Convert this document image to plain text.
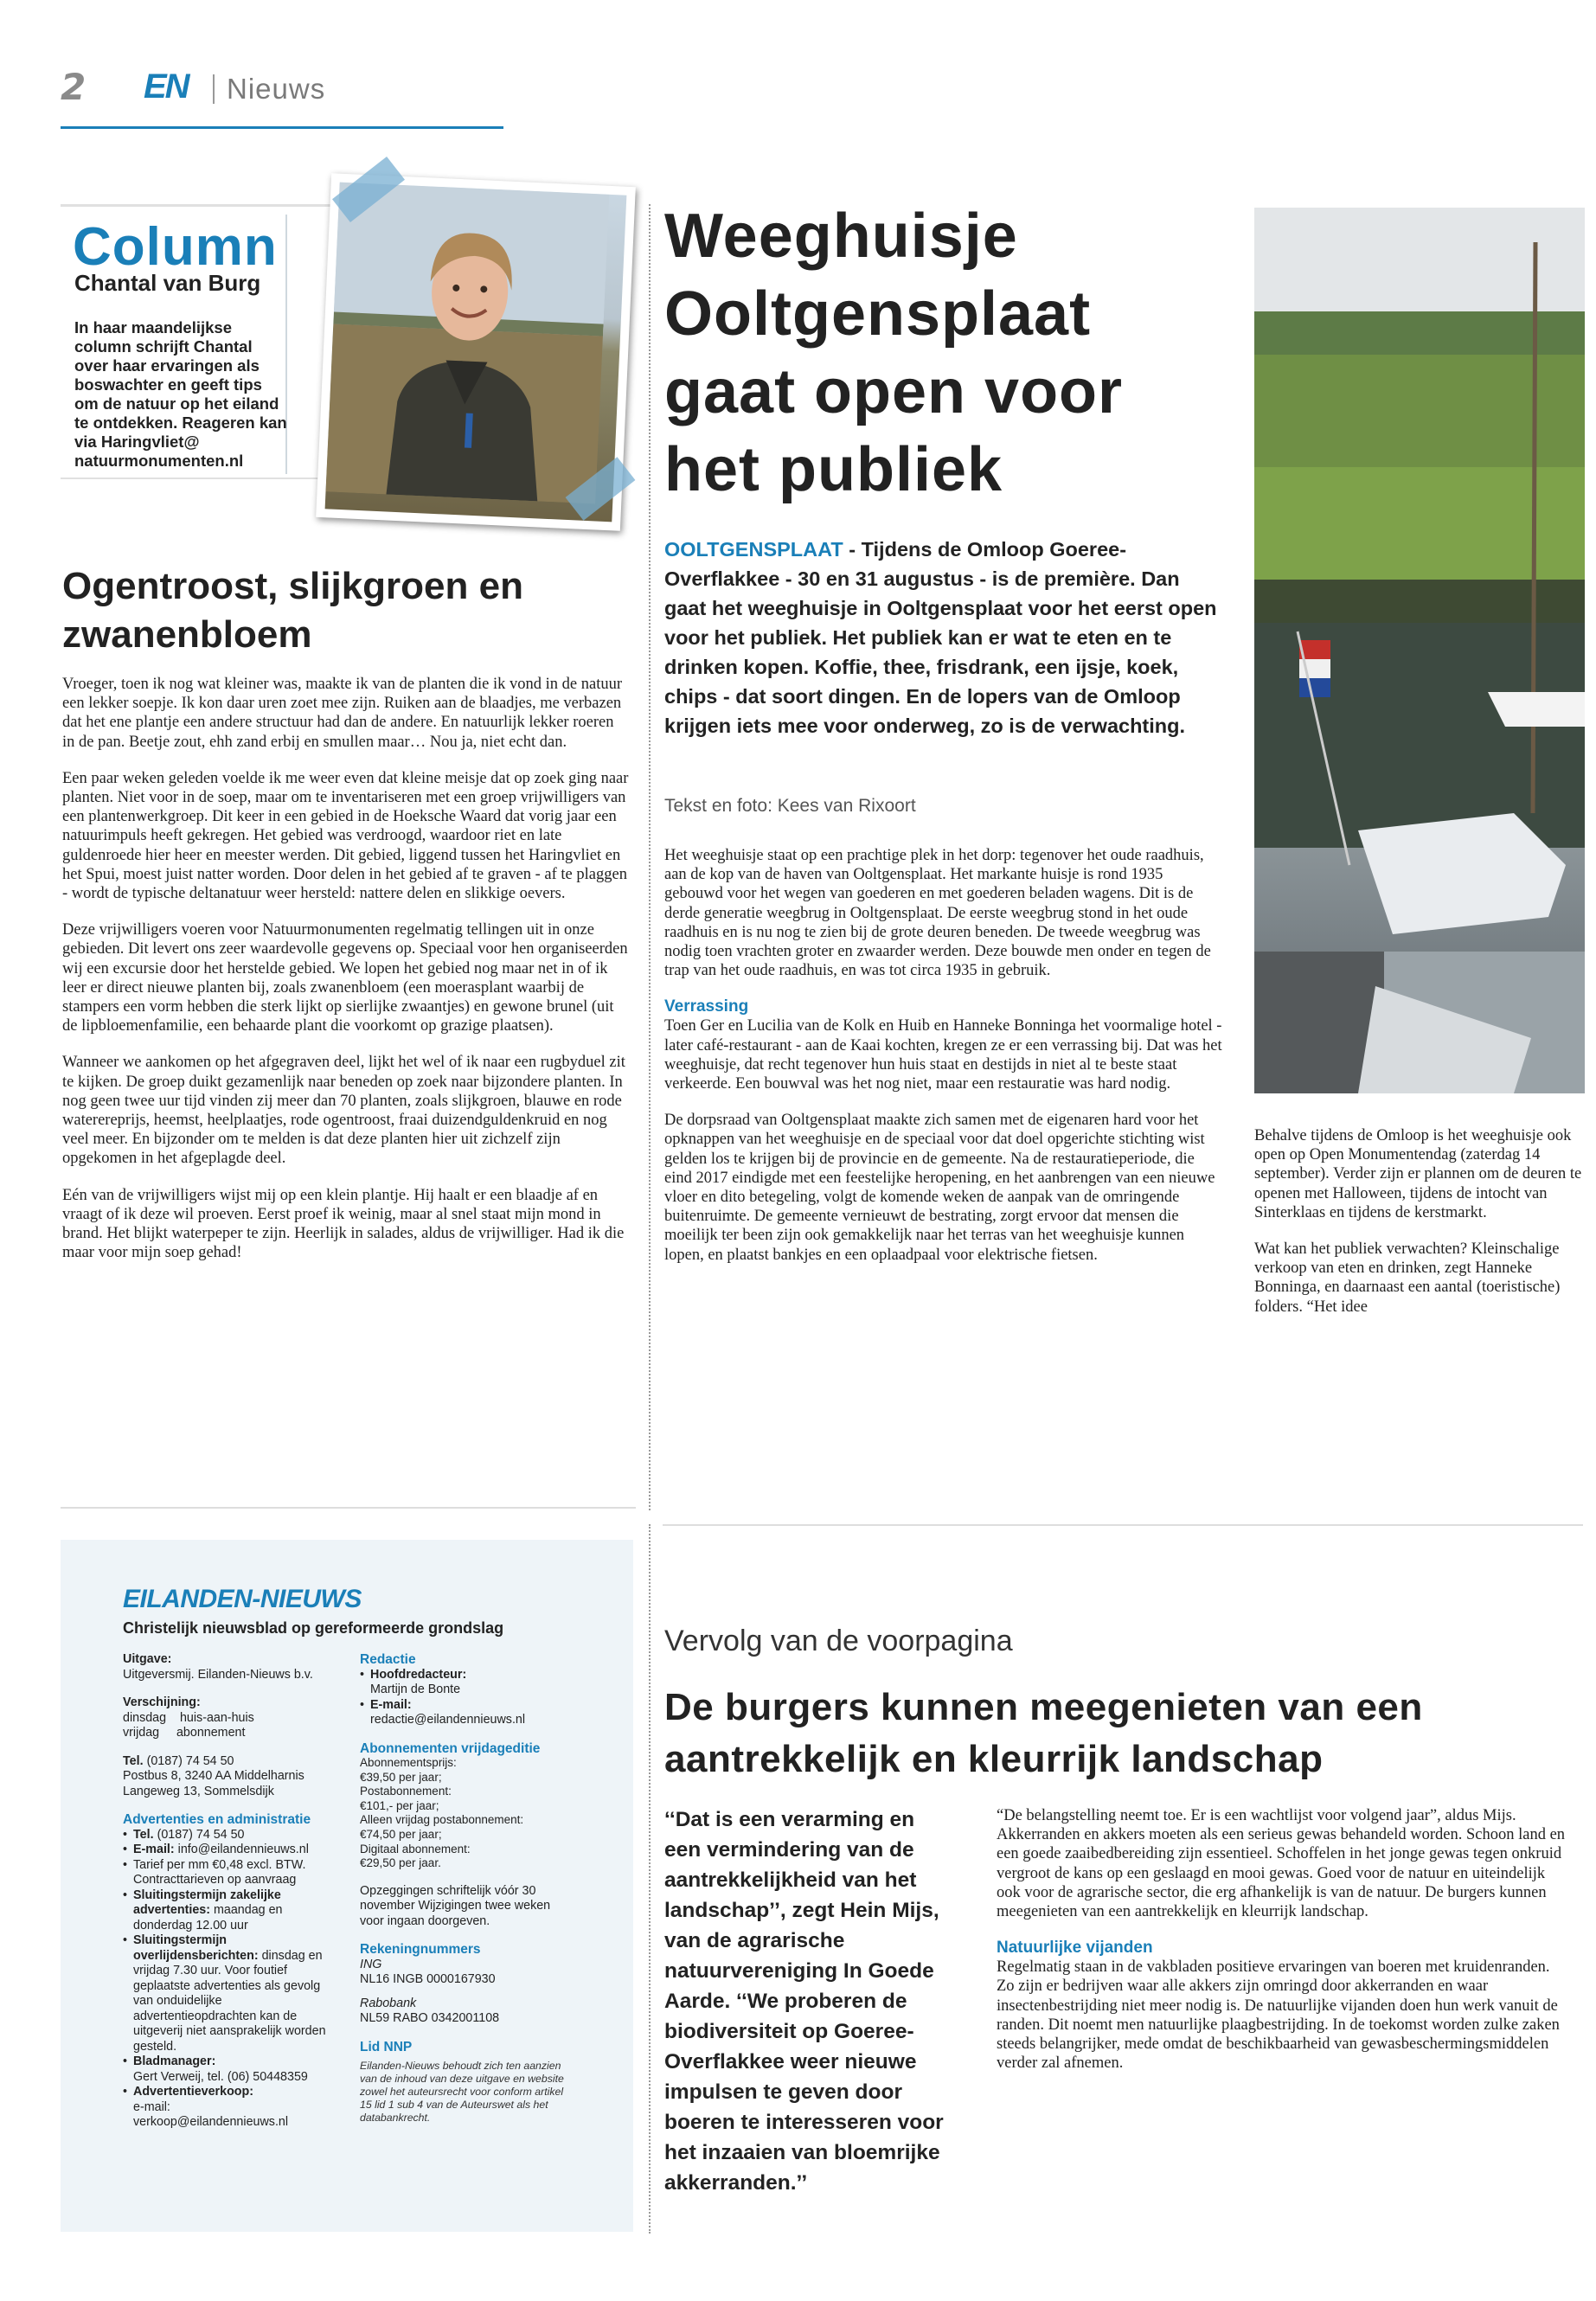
2 EN Nieuws
Column
Chantal van Burg
In haar maandelijkse column schrijft Chantal over haar ervaringen als boswachter en geeft tips om de natuur op het eiland te ontdekken. Reageren kan via Haringvliet@ natuurmonumenten.nl
Ogentroost, slijkgroen en zwanenbloem

Vroeger, toen ik nog wat kleiner was, maakte ik van de planten die ik vond in de natuur een lekker soepje. Ik kon daar uren zoet mee zijn. Ruiken aan de blaadjes, me verbazen dat het ene plantje een andere structuur had dan de andere. En natuurlijk lekker roeren in de pan. Beetje zout, ehh zand erbij en smullen maar… Nou ja, niet echt dan.

Een paar weken geleden voelde ik me weer even dat kleine meisje dat op zoek ging naar planten. Niet voor in de soep, maar om te inventariseren met een groep vrijwilligers van een plantenwerkgroep. Dit keer in een gebied in de Hoeksche Waard dat vorig jaar een natuurimpuls heeft gekregen. Het gebied was verdroogd, waardoor riet en late guldenroede hier heer en meester werden. Dit gebied, liggend tussen het Haringvliet en het Spui, moest juist natter worden. Door delen in het gebied af te graven - af te plaggen - wordt de typische deltanatuur weer hersteld: nattere delen en slikkige oevers.

Deze vrijwilligers voeren voor Natuurmonumenten regelmatig tellingen uit in onze gebieden. Dit levert ons zeer waardevolle gegevens op. Speciaal voor hen organiseerden wij een excursie door het herstelde gebied. We lopen het gebied nog maar net in of ik leer er direct nieuwe planten bij, zoals zwanenbloem (een moerasplant waarbij de stampers een vorm hebben die sterk lijkt op sierlijke zwaantjes) en gewone brunel (uit de lipbloemenfamilie, een behaarde plant die voorkomt op grazige plaatsen).

Wanneer we aankomen op het afgegraven deel, lijkt het wel of ik naar een rugbyduel zit te kijken. De groep duikt gezamenlijk naar beneden op zoek naar bijzondere planten. In nog geen twee uur tijd vinden zij meer dan 70 planten, zoals slijkgroen, blauwe en rode waterereprijs, heemst, heelplaatjes, rode ogentroost, fraai duizendguldenkruid en nog veel meer. En bijzonder om te melden is dat deze planten hier uit zichzelf zijn opgekomen in het afgeplagde deel.

Eén van de vrijwilligers wijst mij op een klein plantje. Hij haalt er een blaadje af en vraagt of ik deze wil proeven. Eerst proef ik weinig, maar al snel staat mijn mond in brand. Het blijkt waterpeper te zijn. Heerlijk in salades, aldus de vrijwilliger. Had ik die maar voor mijn soep gehad!

Weeghuisje Ooltgensplaat gaat open voor het publiek
OOLTGENSPLAAT - Tijdens de Omloop Goeree-Overflakkee - 30 en 31 augustus - is de première. Dan gaat het weeghuisje in Ooltgensplaat voor het eerst open voor het publiek. Het publiek kan er wat te eten en te drinken kopen. Koffie, thee, frisdrank, een ijsje, koek, chips - dat soort dingen. En de lopers van de Omloop krijgen iets mee voor onderweg, zo is de verwachting.
Tekst en foto: Kees van Rixoort

Het weeghuisje staat op een prachtige plek in het dorp: tegenover het oude raadhuis, aan de kop van de haven van Ooltgensplaat. Het markante huisje is rond 1935 gebouwd voor het wegen van goederen en met goederen beladen wagens. Dit is de derde generatie weegbrug in Ooltgensplaat. De eerste weegbrug stond in het oude raadhuis en is nu nog te zien bij de grote deuren beneden. De tweede weegbrug was nodig toen vrachten groter en zwaarder werden. Deze bouwde men onder en tegen de trap van het oude raadhuis, en was tot circa 1935 in gebruik.

Verrassing

Toen Ger en Lucilia van de Kolk en Huib en Hanneke Bonninga het voormalige hotel - later café-restaurant - aan de Kaai kochten, kregen ze er een verrassing bij. Dat was het weeghuisje, dat recht tegenover hun huis staat en destijds in niet al te beste staat verkeerde. Een bouwval was het nog niet, maar een restauratie was hard nodig.

De dorpsraad van Ooltgensplaat maakte zich samen met de eigenaren hard voor het opknappen van het weeghuisje en de speciaal voor dat doel opgerichte stichting wist gelden los te krijgen bij de provincie en de gemeente. Na de restauratieperiode, die eind 2017 eindigde met een feestelijke heropening, en het aanbrengen van een nieuwe vloer en dito betegeling, volgt de komende weken de aanpak van de omringende buitenruimte. De gemeente vernieuwt de bestrating, zorgt ervoor dat mensen die moeilijk ter been zijn ook gemakkelijk naar het terras van het weeghuisje kunnen lopen, en plaatst bankjes en een oplaadpaal voor elektrische fietsen.

Behalve tijdens de Omloop is het weeghuisje ook open op Open Monumentendag (zaterdag 14 september). Verder zijn er plannen om de deuren te openen met Halloween, tijdens de intocht van Sinterklaas en tijdens de kerstmarkt.

Wat kan het publiek verwachten? Kleinschalige verkoop van eten en drinken, zegt Hanneke Bonninga, en daarnaast een aantal (toeristische) folders. “Het idee

EILANDEN-NIEUWS
Christelijk nieuwsblad op gereformeerde grondslag

Uitgave:
Uitgeversmij. Eilanden-Nieuws b.v.

Verschijning:
dinsdag    huis-aan-huis
vrijdag     abonnement

Tel. (0187) 74 54 50
Postbus 8, 3240 AA Middelharnis
Langeweg 13, Sommelsdijk

Advertenties en administratie
• Tel. (0187) 74 54 50
• E-mail: info@eilandennieuws.nl
• Tarief per mm €0,48 excl. BTW. Contracttarieven op aanvraag
• Sluitingstermijn zakelijke advertenties: maandag en donderdag 12.00 uur
• Sluitingstermijn overlijdensberichten: dinsdag en vrijdag 7.30 uur. Voor foutief geplaatste advertenties als gevolg van onduidelijke advertentieopdrachten kan de uitgeverij niet aansprakelijk worden gesteld.
• Bladmanager:
Gert Verweij, tel. (06) 50448359
• Advertentieverkoop:
e-mail:
verkoop@eilandennieuws.nl
Redactie
• Hoofdredacteur:
Martijn de Bonte
• E-mail:
redactie@eilandennieuws.nl
Abonnementen vrijdageditie

Abonnementsprijs:
€39,50 per jaar;
Postabonnement:
€101,- per jaar;
Alleen vrijdag postabonnement:
€74,50 per jaar;
Digitaal abonnement:
€29,50 per jaar.

Opzeggingen schriftelijk vóór 30 november Wijzigingen twee weken voor ingaan doorgeven.

Rekeningnummers

ING
NL16 INGB 0000167930

Rabobank
NL59 RABO 0342001108

Lid NNP
Eilanden-Nieuws behoudt zich ten aanzien van de inhoud van deze uitgave en website zowel het auteursrecht voor conform artikel 15 lid 1 sub 4 van de Auteurswet als het databankrecht.
Vervolg van de voorpagina
De burgers kunnen meegenieten van een aantrekkelijk en kleurrijk landschap
‘‘Dat is een verarming en een vermindering van de aantrekkelijkheid van het landschap’’, zegt Hein Mijs, van de agrarische natuurvereniging In Goede Aarde. ‘‘We proberen de biodiversiteit op Goeree-Overflakkee weer nieuwe impulsen te geven door boeren te interesseren voor het inzaaien van bloemrijke akkerranden.’’

“De belangstelling neemt toe. Er is een wachtlijst voor volgend jaar”, aldus Mijs. Akkerranden en akkers moeten als een serieus gewas behandeld worden. Schoon land en een goede zaaibedbereiding zijn essentieel. Schoffelen in het jonge gewas tegen onkruid vergroot de kans op een geslaagd en mooi gewas. Goed voor de natuur en uiteindelijk ook voor de agrarische sector, die erg afhankelijk is van de natuur. De burgers kunnen meegenieten van een aantrekkelijk en kleurrijk landschap.

Natuurlijke vijanden

Regelmatig staan in de vakbladen positieve ervaringen van boeren met kruidenranden. Zo zijn er bedrijven waar alle akkers zijn omringd door akkerranden en waar insectenbestrijding niet meer nodig is. De natuurlijke vijanden doen hun werk vanuit de randen. Dit noemt men natuurlijke plaagbestrijding. In de toekomst worden zulke zaken steeds belangrijker, mede omdat de beschikbaarheid van gewasbeschermingsmiddelen verder zal afnemen.
